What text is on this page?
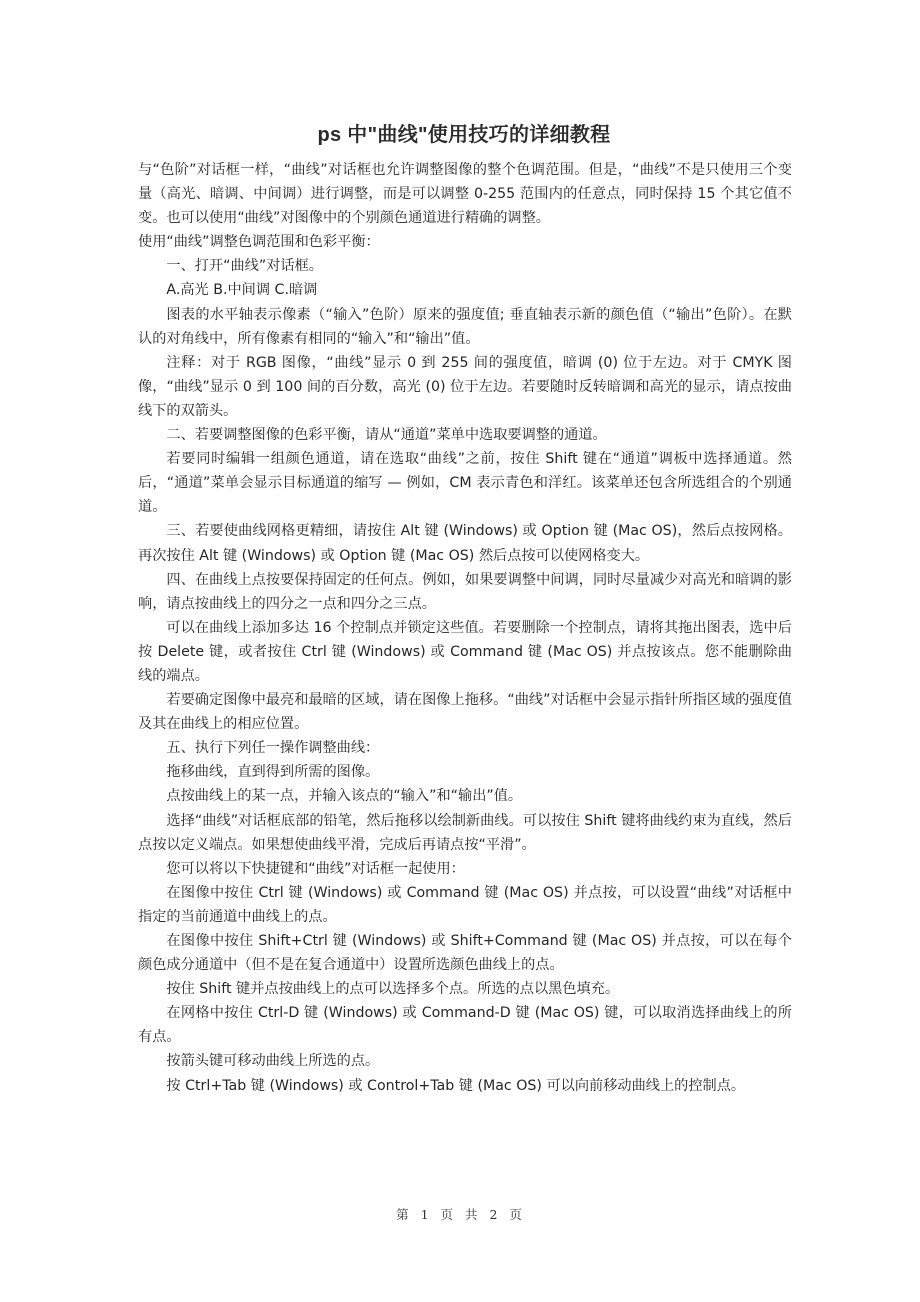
ps 中"曲线"使用技巧的详细教程

与“色阶”对话框一样，“曲线”对话框也允许调整图像的整个色调范围。但是，“曲线”不是只使用三个变量（高光、暗调、中间调）进行调整，而是可以调整 0-255 范围内的任意点，同时保持 15 个其它值不变。也可以使用“曲线”对图像中的个别颜色通道进行精确的调整。

使用“曲线”调整色调范围和色彩平衡：

一、打开“曲线”对话框。

A.高光 B.中间调 C.暗调

图表的水平轴表示像素（“输入”色阶）原来的强度值; 垂直轴表示新的颜色值（“输出”色阶）。在默认的对角线中，所有像素有相同的“输入”和“输出”值。

注释：对于 RGB 图像，“曲线”显示 0 到 255 间的强度值，暗调 (0) 位于左边。对于 CMYK 图像，“曲线”显示 0 到 100 间的百分数，高光 (0) 位于左边。若要随时反转暗调和高光的显示，请点按曲线下的双箭头。

二、若要调整图像的色彩平衡，请从“通道”菜单中选取要调整的通道。

若要同时编辑一组颜色通道，请在选取“曲线”之前，按住 Shift 键在“通道”调板中选择通道。然后，“通道”菜单会显示目标通道的缩写 — 例如，CM 表示青色和洋红。该菜单还包含所选组合的个别通道。

三、若要使曲线网格更精细，请按住 Alt 键 (Windows) 或 Option 键 (Mac OS)，然后点按网格。再次按住 Alt 键 (Windows) 或 Option 键 (Mac OS) 然后点按可以使网格变大。

四、在曲线上点按要保持固定的任何点。例如，如果要调整中间调，同时尽量减少对高光和暗调的影响，请点按曲线上的四分之一点和四分之三点。

可以在曲线上添加多达 16 个控制点并锁定这些值。若要删除一个控制点，请将其拖出图表，选中后按 Delete 键，或者按住 Ctrl 键 (Windows) 或 Command 键 (Mac OS) 并点按该点。您不能删除曲线的端点。

若要确定图像中最亮和最暗的区域，请在图像上拖移。“曲线”对话框中会显示指针所指区域的强度值及其在曲线上的相应位置。

五、执行下列任一操作调整曲线：

拖移曲线，直到得到所需的图像。

点按曲线上的某一点，并输入该点的“输入”和“输出”值。

选择“曲线”对话框底部的铅笔，然后拖移以绘制新曲线。可以按住 Shift 键将曲线约束为直线，然后点按以定义端点。如果想使曲线平滑，完成后再请点按“平滑”。

您可以将以下快捷键和“曲线”对话框一起使用：

在图像中按住 Ctrl 键 (Windows) 或 Command 键 (Mac OS) 并点按，可以设置“曲线”对话框中指定的当前通道中曲线上的点。

在图像中按住 Shift+Ctrl 键 (Windows) 或 Shift+Command 键 (Mac OS) 并点按，可以在每个颜色成分通道中（但不是在复合通道中）设置所选颜色曲线上的点。

按住 Shift 键并点按曲线上的点可以选择多个点。所选的点以黑色填充。

在网格中按住 Ctrl-D 键 (Windows) 或 Command-D 键 (Mac OS) 键，可以取消选择曲线上的所有点。

按箭头键可移动曲线上所选的点。

按 Ctrl+Tab 键 (Windows) 或 Control+Tab 键 (Mac OS) 可以向前移动曲线上的控制点。

第 1 页 共 2 页
